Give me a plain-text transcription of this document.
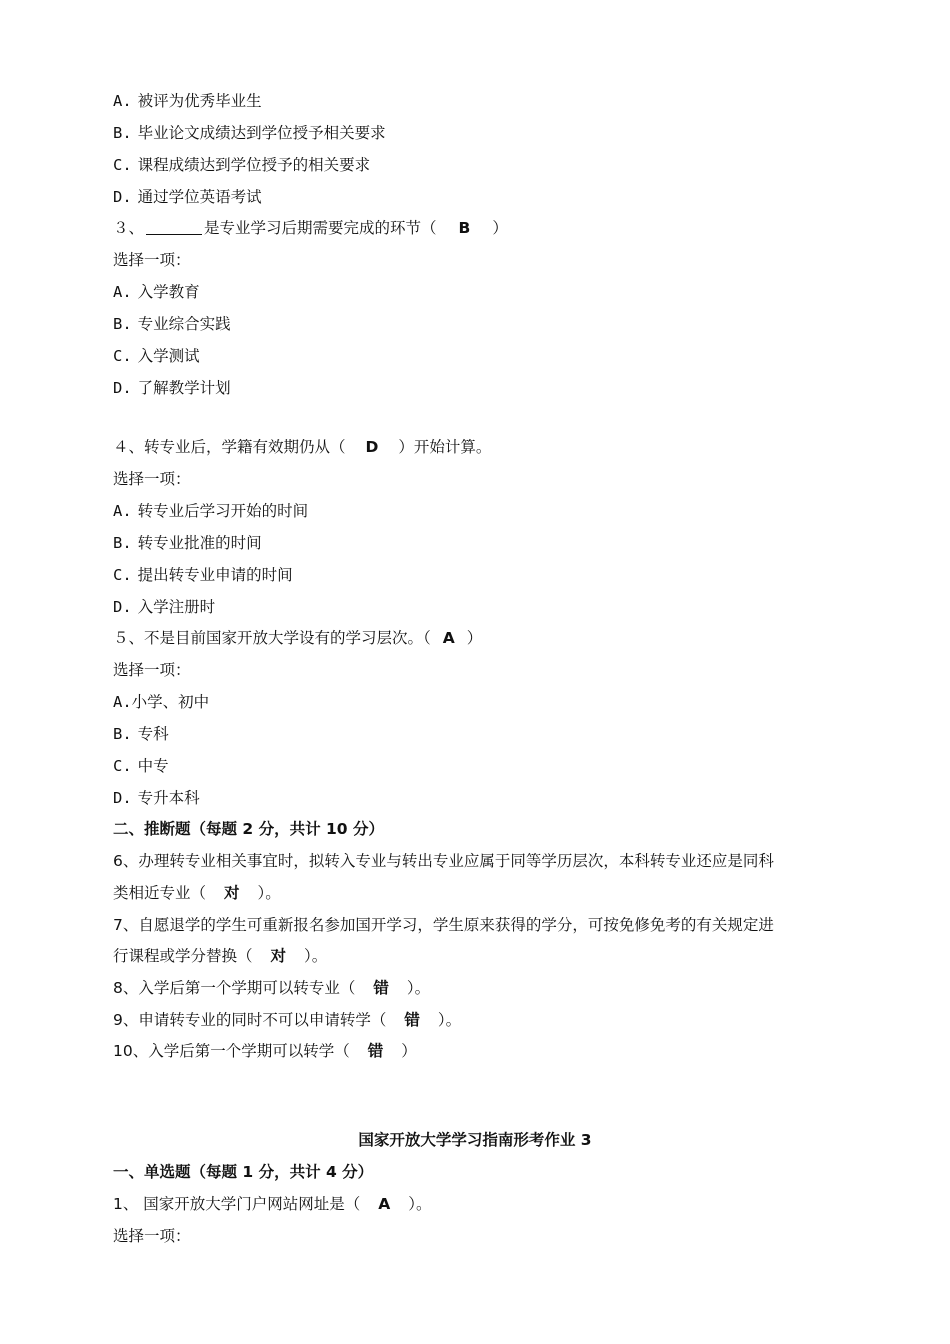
A. 被评为优秀毕业生
B. 毕业论文成绩达到学位授予相关要求
C. 课程成绩达到学位授予的相关要求
D. 通过学位英语考试
３、	是专业学习后期需要完成的环节（ B ）
选择一项：
A. 入学教育
B. 专业综合实践
C. 入学测试
D. 了解教学计划
４、转专业后，学籍有效期仍从（ D ）开始计算。
选择一项：
A. 转专业后学习开始的时间
B. 转专业批准的时间
C. 提出转专业申请的时间
D. 入学注册时
５、不是目前国家开放大学设有的学习层次。（ A ）
选择一项：
A.小学、初中
B. 专科
C. 中专
D. 专升本科
二、推断题（每题 2 分，共计 10 分）
6、办理转专业相关事宜时，拟转入专业与转出专业应属于同等学历层次，本科转专业还应是同科
类相近专业（ 对 ）。
7、自愿退学的学生可重新报名参加国开学习，学生原来获得的学分，可按免修免考的有关规定进
行课程或学分替换（ 对 ）。
8、入学后第一个学期可以转专业（ 错 ）。
9、申请转专业的同时不可以申请转学（ 错 ）。
10、入学后第一个学期可以转学（ 错 ）
国家开放大学学习指南形考作业 3
一、单选题（每题 1 分，共计 4 分）
1、 国家开放大学门户网站网址是（ A ）。
选择一项：
